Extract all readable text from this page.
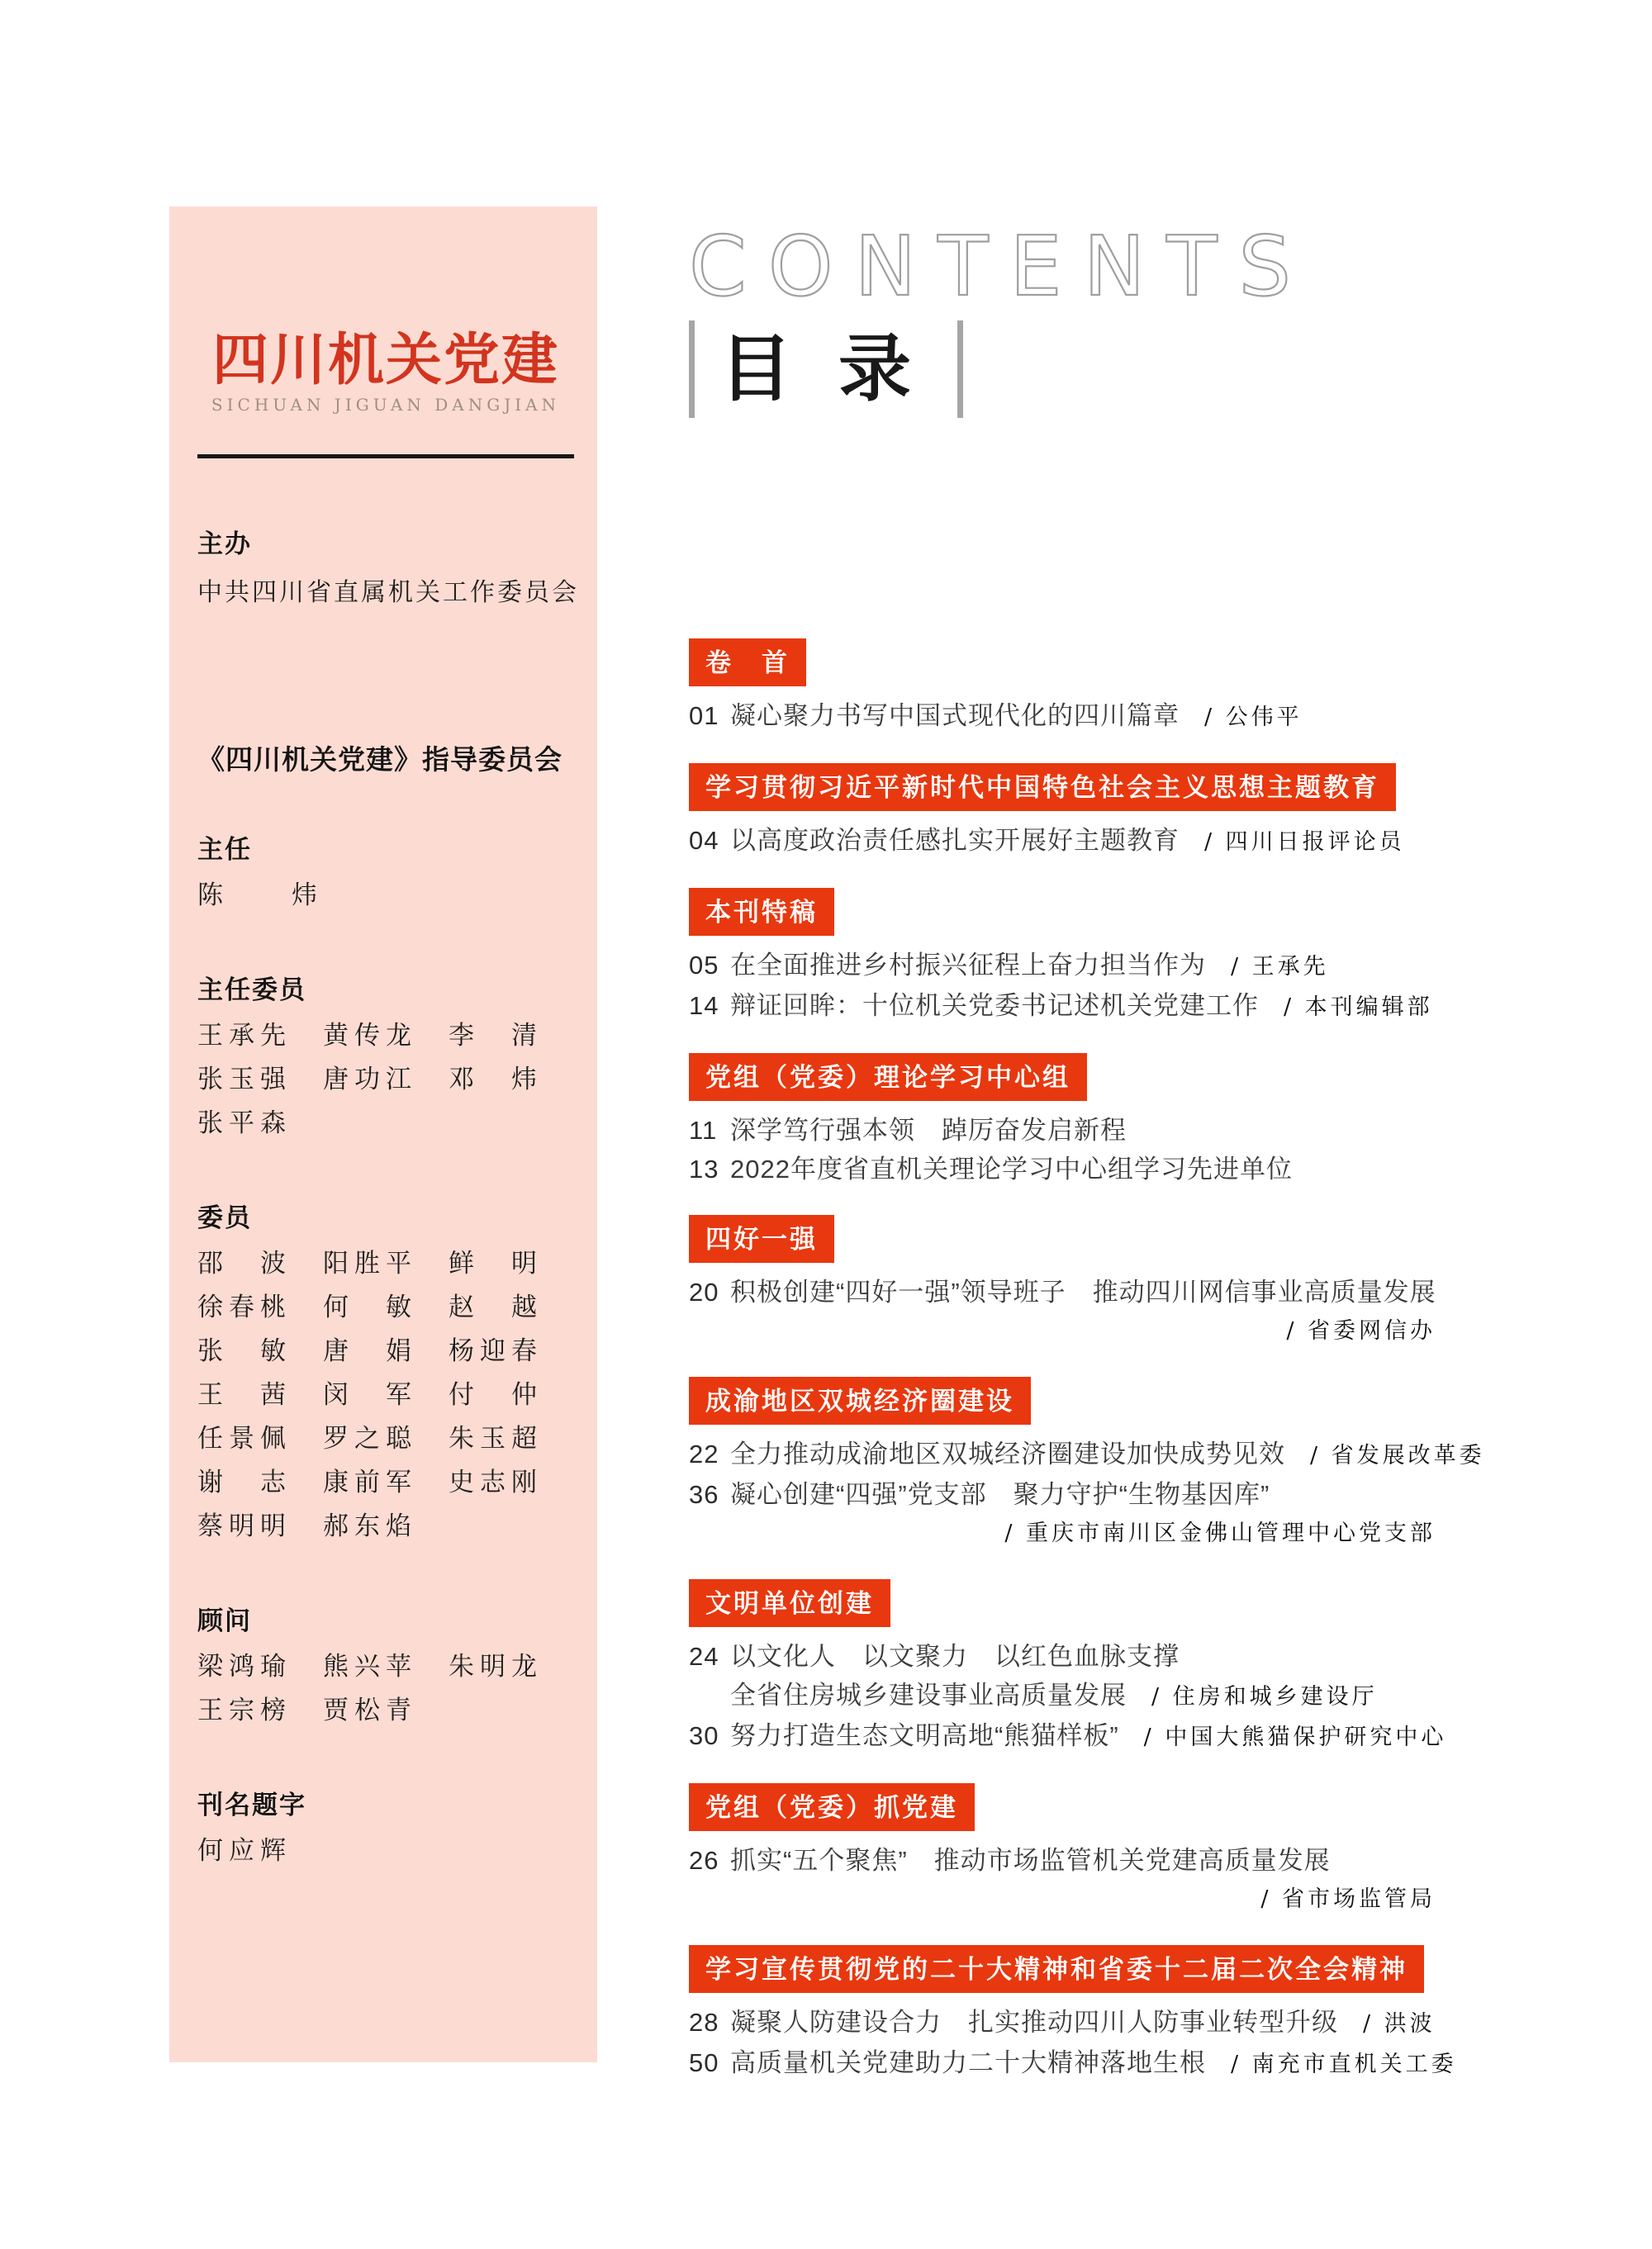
四川机关党建
SICHUAN JIGUAN DANGJIAN
主办
中共四川省直属机关工作委员会
《四川机关党建》指导委员会
主任
陈　　炜
主任委员
王承先　黄传龙　李　清
张玉强　唐功江　邓　炜
张平森
委员
邵　波　阳胜平　鲜　明
徐春桃　何　敏　赵　越
张　敏　唐　娟　杨迎春
王　茜　闵　军　付　仲
任景佩　罗之聪　朱玉超
谢　志　康前军　史志刚
蔡明明　郝东焰
顾问
梁鸿瑜　熊兴苹　朱明龙
王宗榜　贾松青
刊名题字
何应辉
CONTENTS
目录
卷　首
01 凝心聚力书写中国式现代化的四川篇章 / 公伟平
学习贯彻习近平新时代中国特色社会主义思想主题教育
04 以高度政治责任感扎实开展好主题教育 / 四川日报评论员
本刊特稿
05 在全面推进乡村振兴征程上奋力担当作为 / 王承先
14 辩证回眸：十位机关党委书记述机关党建工作 / 本刊编辑部
党组（党委）理论学习中心组
11 深学笃行强本领　踔厉奋发启新程
13 2022年度省直机关理论学习中心组学习先进单位
四好一强
20 积极创建“四好一强”领导班子　推动四川网信事业高质量发展
/ 省委网信办
成渝地区双城经济圈建设
22 全力推动成渝地区双城经济圈建设加快成势见效 / 省发展改革委
36 凝心创建“四强”党支部　聚力守护“生物基因库”
/ 重庆市南川区金佛山管理中心党支部
文明单位创建
24 以文化人　以文聚力　以红色血脉支撑
全省住房城乡建设事业高质量发展 / 住房和城乡建设厅
30 努力打造生态文明高地“熊猫样板” / 中国大熊猫保护研究中心
党组（党委）抓党建
26 抓实“五个聚焦”　推动市场监管机关党建高质量发展
/ 省市场监管局
学习宣传贯彻党的二十大精神和省委十二届二次全会精神
28 凝聚人防建设合力　扎实推动四川人防事业转型升级 / 洪波
50 高质量机关党建助力二十大精神落地生根 / 南充市直机关工委
